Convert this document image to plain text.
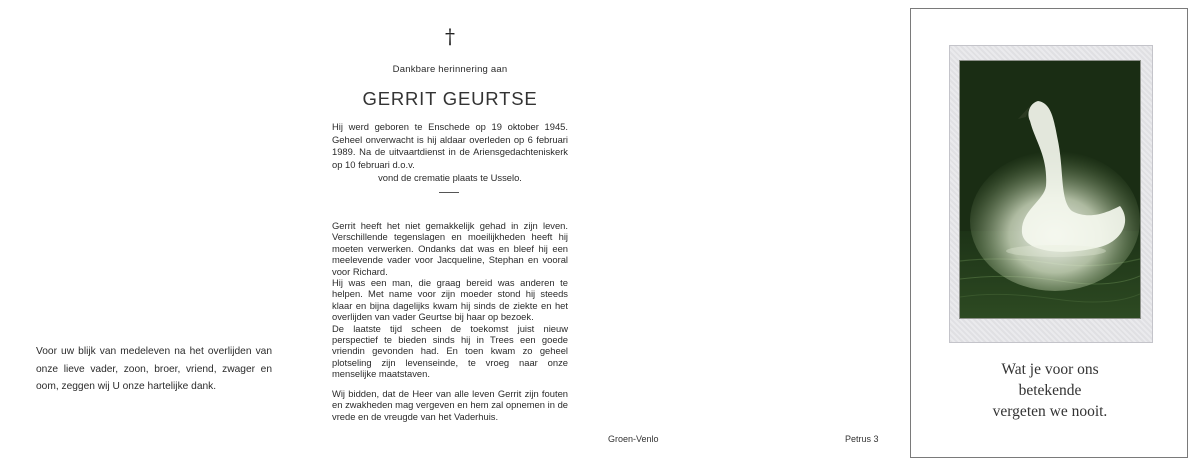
Voor uw blijk van medeleven na het overlijden van onze lieve vader, zoon, broer, vriend, zwager en oom, zeggen wij U onze hartelijke dank.

†
Dankbare herinnering aan
GERRIT GEURTSE
Hij werd geboren te Enschede op 19 oktober 1945. Geheel onverwacht is hij aldaar overleden op 6 februari 1989. Na de uitvaartdienst in de Ariensgedachteniskerk op 10 februari d.o.v.
vond de crematie plaats te Usselo.

Gerrit heeft het niet gemakkelijk gehad in zijn leven. Verschillende tegenslagen en moeilijkheden heeft hij moeten verwerken. Ondanks dat was en bleef hij een meelevende vader voor Jacqueline, Stephan en vooral voor Richard.

Hij was een man, die graag bereid was anderen te helpen. Met name voor zijn moeder stond hij steeds klaar en bijna dagelijks kwam hij sinds de ziekte en het overlijden van vader Geurtse bij haar op bezoek.

De laatste tijd scheen de toekomst juist nieuw perspectief te bieden sinds hij in Trees een goede vriendin gevonden had. En toen kwam zo geheel plotseling zijn levenseinde, te vroeg naar onze menselijke maatstaven.

Wij bidden, dat de Heer van alle leven Gerrit zijn fouten en zwakheden mag vergeven en hem zal opnemen in de vrede en de vreugde van het Vaderhuis.

Groen-Venlo	Petrus 3
Wat je voor ons
betekende
vergeten we nooit.
